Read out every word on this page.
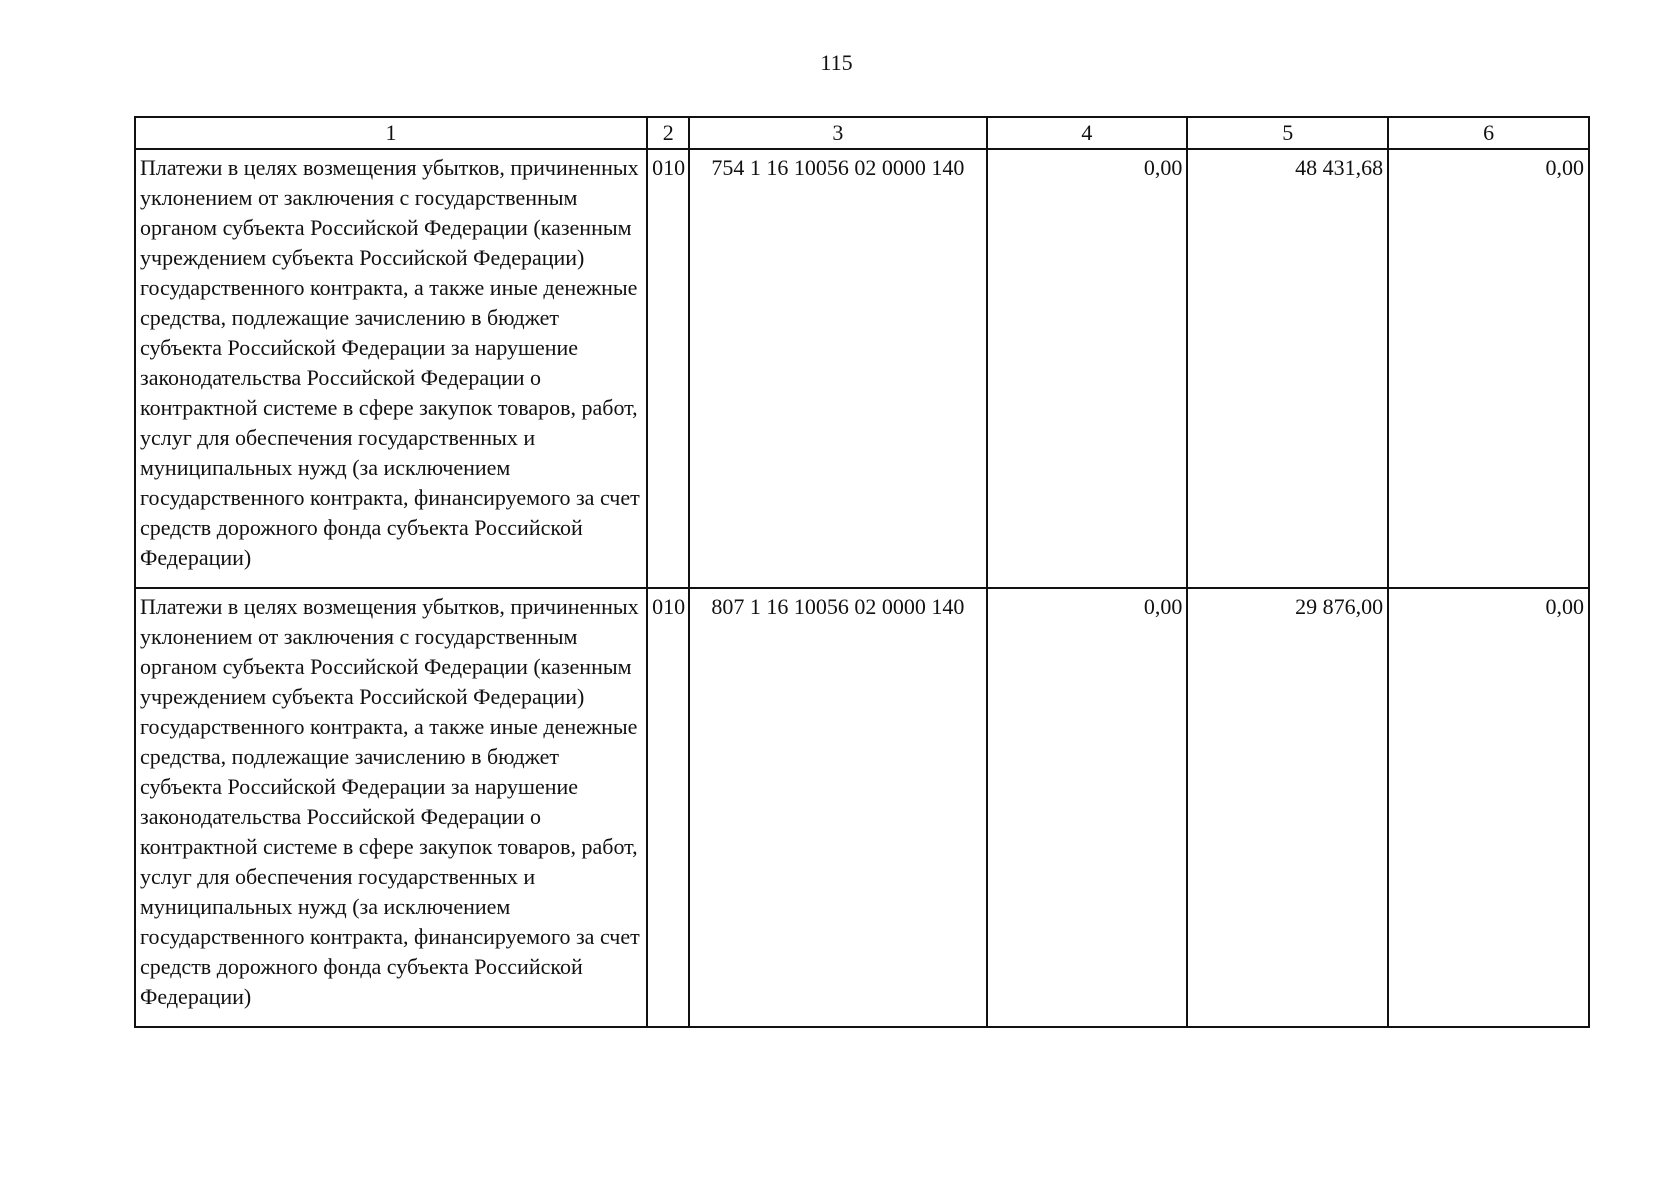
115
1	2	3	4	5	6
Платежи в целях возмещения убытков, причиненных уклонением от заключения с государственным органом субъекта Российской Федерации (казенным учреждением субъекта Российской Федерации) государственного контракта, а также иные денежные средства, подлежащие зачислению в бюджет субъекта Российской Федерации за нарушение законодательства Российской Федерации о контрактной системе в сфере закупок товаров, работ, услуг для обеспечения государственных и муниципальных нужд (за исключением государственного контракта, финансируемого за счет средств дорожного фонда субъекта Российской Федерации)	010	754 1 16 10056 02 0000 140	0,00	48 431,68	0,00
Платежи в целях возмещения убытков, причиненных уклонением от заключения с государственным органом субъекта Российской Федерации (казенным учреждением субъекта Российской Федерации) государственного контракта, а также иные денежные средства, подлежащие зачислению в бюджет субъекта Российской Федерации за нарушение законодательства Российской Федерации о контрактной системе в сфере закупок товаров, работ, услуг для обеспечения государственных и муниципальных нужд (за исключением государственного контракта, финансируемого за счет средств дорожного фонда субъекта Российской Федерации)	010	807 1 16 10056 02 0000 140	0,00	29 876,00	0,00
